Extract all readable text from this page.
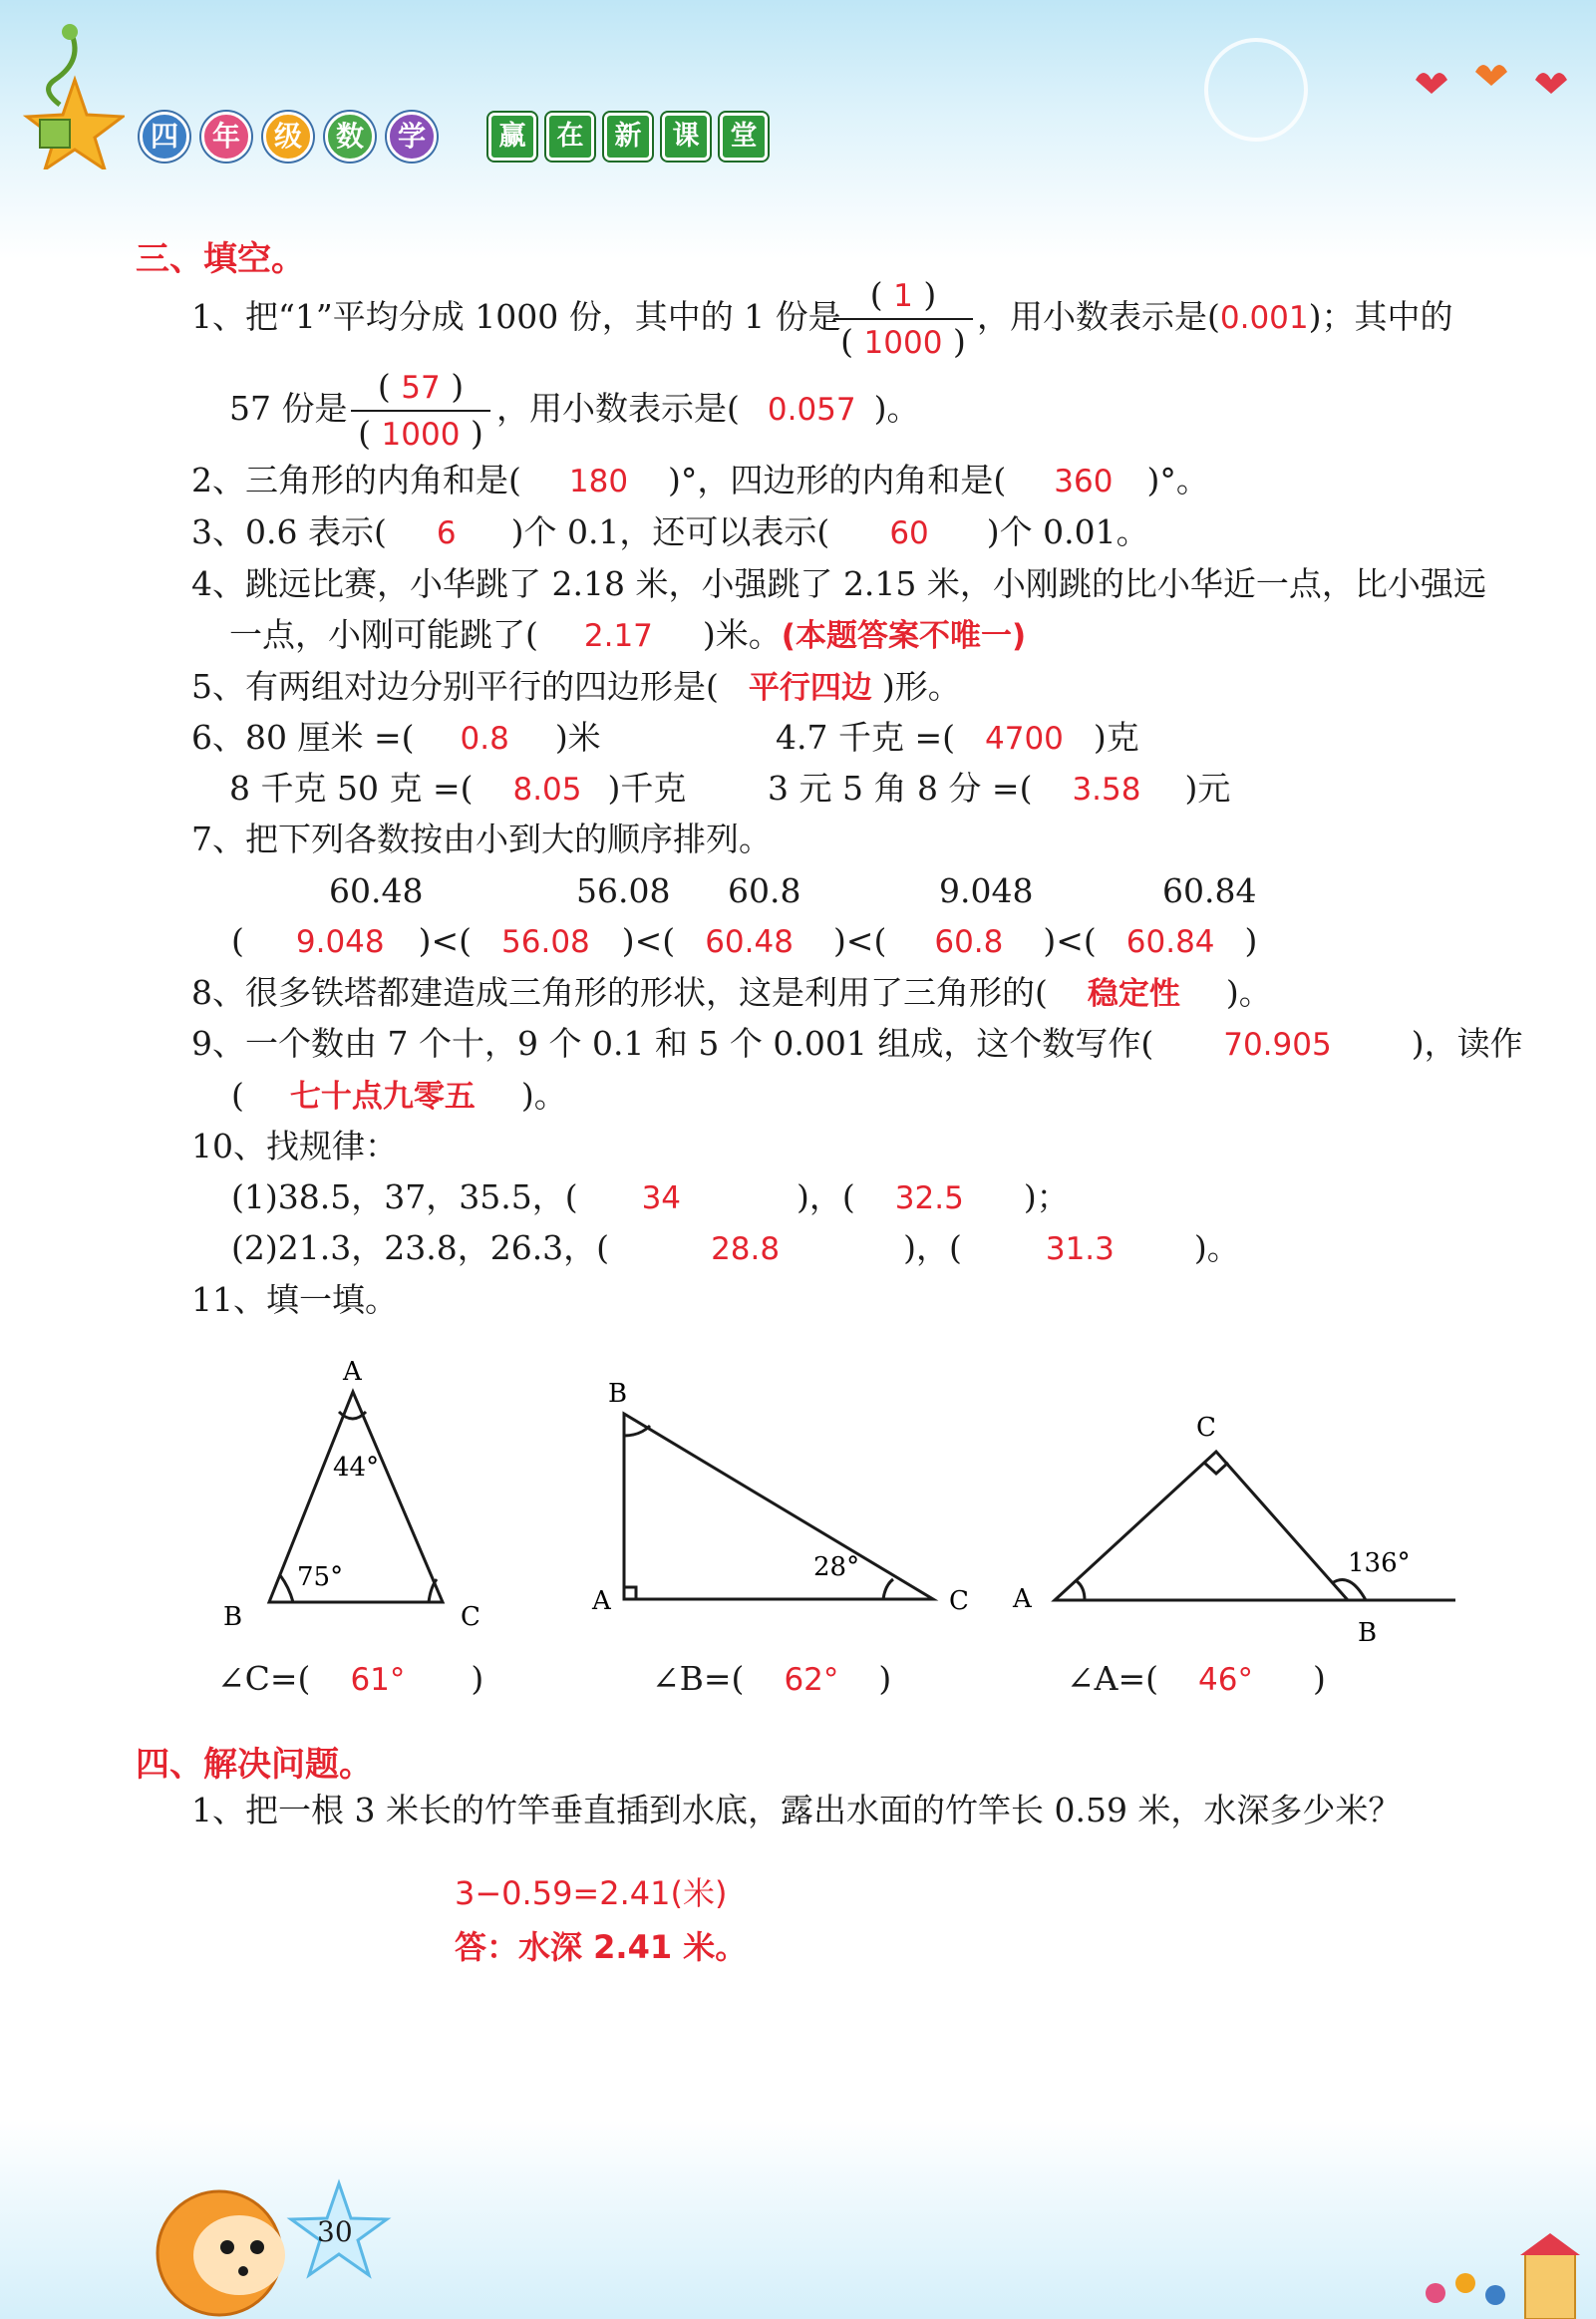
四	年	级	数	学	赢	在	新	课	堂
三、填空。
1、把“1”平均分成 1000 份，其中的 1 份是
( 1 )
( 1000 )
，用小数表示是(0.001)；其中的
57 份是
( 57 )
( 1000 )
，用小数表示是( 0.057 )。
2、三角形的内角和是( 180 )°，四边形的内角和是( 360 )°。
3、0.6 表示( 6 )个 0.1，还可以表示( 60 )个 0.01。
4、跳远比赛，小华跳了 2.18 米，小强跳了 2.15 米，小刚跳的比小华近一点，比小强远
一点，小刚可能跳了( 2.17 )米。(本题答案不唯一)
5、有两组对边分别平行的四边形是( 平行四边 )形。
6、80 厘米 =( 0.8 )米	4.7 千克 =( 4700 )克
8 千克 50 克 =( 8.05 )千克 3 元 5 角 8 分 =( 3.58 )元
7、把下列各数按由小到大的顺序排列。
60.48	56.08 60.8	9.048	60.84
( 9.048 )<( 56.08 )<( 60.48 )<( 60.8 )<( 60.84 )
8、很多铁塔都建造成三角形的形状，这是利用了三角形的( 稳定性 )。
9、一个数由 7 个十，9 个 0.1 和 5 个 0.001 组成，这个数写作( 70.905 )，读作
( 七十点九零五 )。
10、找规律：
(1)38.5，37，35.5，( 34	)，( 32.5 )；
(2)21.3，23.8，26.3，(	28.8	)，(	31.3 )。
11、填一填。
A
B	C
44°
75°
B
A	C
28°
C
A
B
136°
∠C=( 61° )	∠B=( 62° )	∠A=( 46° )
四、解决问题。
1、把一根 3 米长的竹竿垂直插到水底，露出水面的竹竿长 0.59 米，水深多少米？
3−0.59=2.41(米)
答：水深 2.41 米。
30
